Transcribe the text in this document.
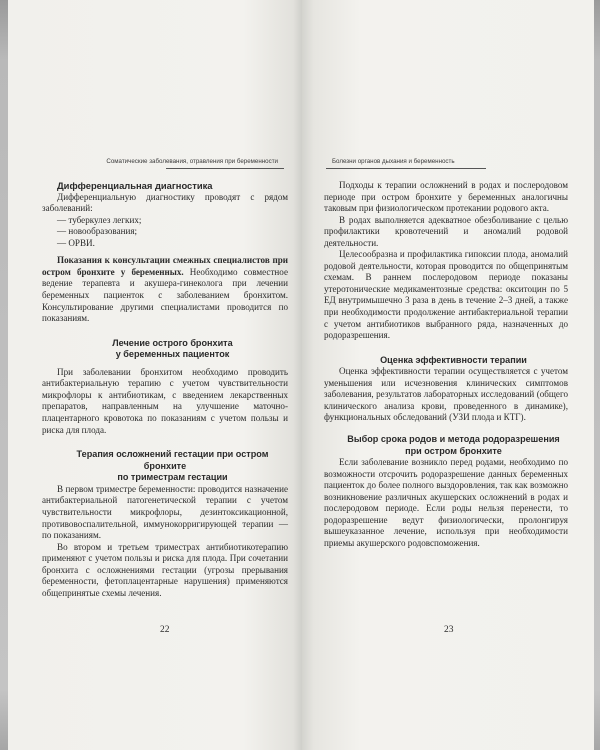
Соматические заболевания, отравления при беременности

Дифференциальная диагностика

Дифференциальную диагностику проводят с рядом заболеваний:

— туберкулез легких;

— новообразования;

— ОРВИ.

Показания к консультации смежных специалистов при остром бронхите у беременных. Необходимо совместное ведение терапевта и акушера-гинеколога при лечении беременных пациенток с заболеванием бронхитом. Консультирование другими специалистами проводится по показаниям.

Лечение острого бронхита

у беременных пациенток

При заболевании бронхитом необходимо проводить антибактериальную терапию с учетом чувствительности микрофлоры к антибиотикам, с введением лекарственных препаратов, направленным на улучшение маточно-плацентарного кровотока по показаниям с учетом пользы и риска для плода.

Терапия осложнений гестации при остром бронхите

по триместрам гестации

В первом триместре беременности: проводится назначение антибактериальной патогенетической терапии с учетом чувствительности микрофлоры, дезинтоксикационной, противовоспалительной, иммунокорригирующей терапии — по показаниям.

Во втором и третьем триместрах антибиотикотерапию применяют с учетом пользы и риска для плода. При сочетании бронхита с осложнениями гестации (угрозы прерывания беременности, фетоплацентарные нарушения) применяются общепринятые схемы лечения.

22
Болезни органов дыхания и беременность

Подходы к терапии осложнений в родах и послеродовом периоде при остром бронхите у беременных аналогичны таковым при физиологическом протекании родового акта.

В родах выполняется адекватное обезболивание с целью профилактики кровотечений и аномалий родовой деятельности.

Целесообразна и профилактика гипоксии плода, аномалий родовой деятельности, которая проводится по общепринятым схемам. В раннем послеродовом периоде показаны утеротонические медикаментозные средства: окситоцин по 5 ЕД внутримышечно 3 раза в день в течение 2–3 дней, а также при необходимости продолжение антибактериальной терапии с учетом антибиотиков выбранного ряда, назначенных до родоразрешения.

Оценка эффективности терапии

Оценка эффективности терапии осуществляется с учетом уменьшения или исчезновения клинических симптомов заболевания, результатов лабораторных исследований (общего клинического анализа крови, проведенного в динамике), функциональных обследований (УЗИ плода и КТГ).

Выбор срока родов и метода родоразрешения

при остром бронхите

Если заболевание возникло перед родами, необходимо по возможности отсрочить родоразрешение данных беременных пациенток до более полного выздоровления, так как возможно возникновение различных акушерских осложнений в родах и послеродовом периоде. Если роды нельзя перенести, то родоразрешение ведут физиологически, пролонгируя вышеуказанное лечение, используя при необходимости приемы акушерского родовспоможения.

23
